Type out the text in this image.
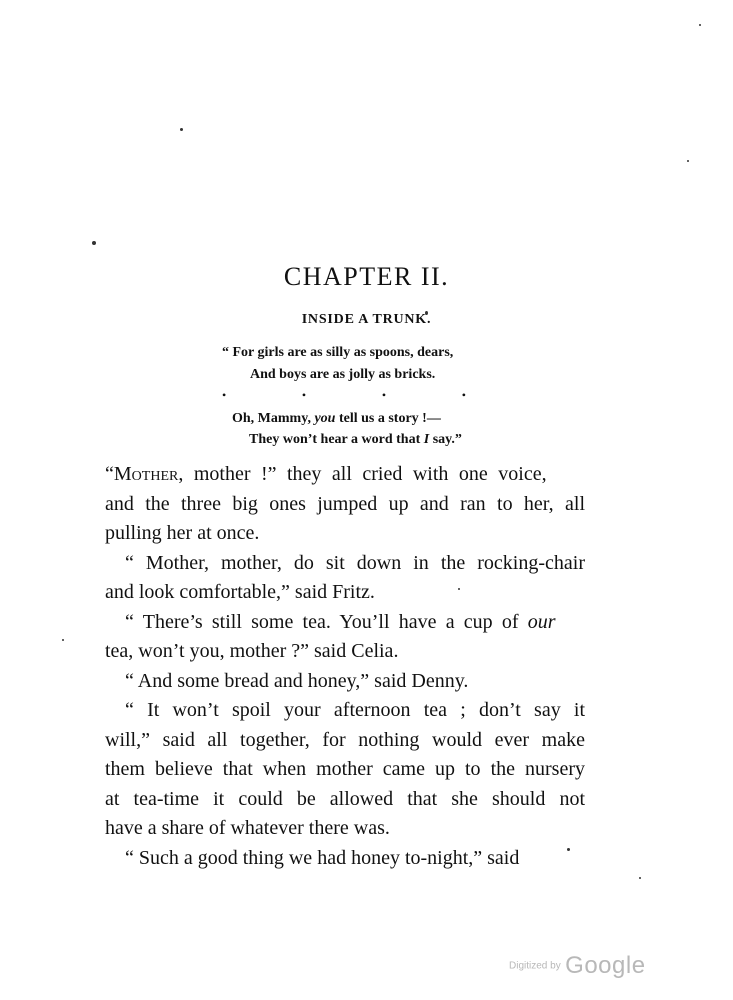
CHAPTER II.
INSIDE A TRUNK.
“ For girls are as silly as spoons, dears,
And boys are as jolly as bricks.
Oh, Mammy, you tell us a story !—
They won’t hear a word that I say.”
•	•	•	•
“Mother, mother !” they all cried with one voice,
and the three big ones jumped up and ran to her, all
pulling her at once.
“ Mother, mother, do sit down in the rocking-chair
and look comfortable,” said Fritz.
“ There’s still some tea. You’ll have a cup of our
tea, won’t you, mother ?” said Celia.
“ And some bread and honey,” said Denny.
“ It won’t spoil your afternoon tea ; don’t say it
will,” said all together, for nothing would ever make
them believe that when mother came up to the nursery
at tea-time it could be allowed that she should not
have a share of whatever there was.
“ Such a good thing we had honey to-night,” said
Digitized by Google
